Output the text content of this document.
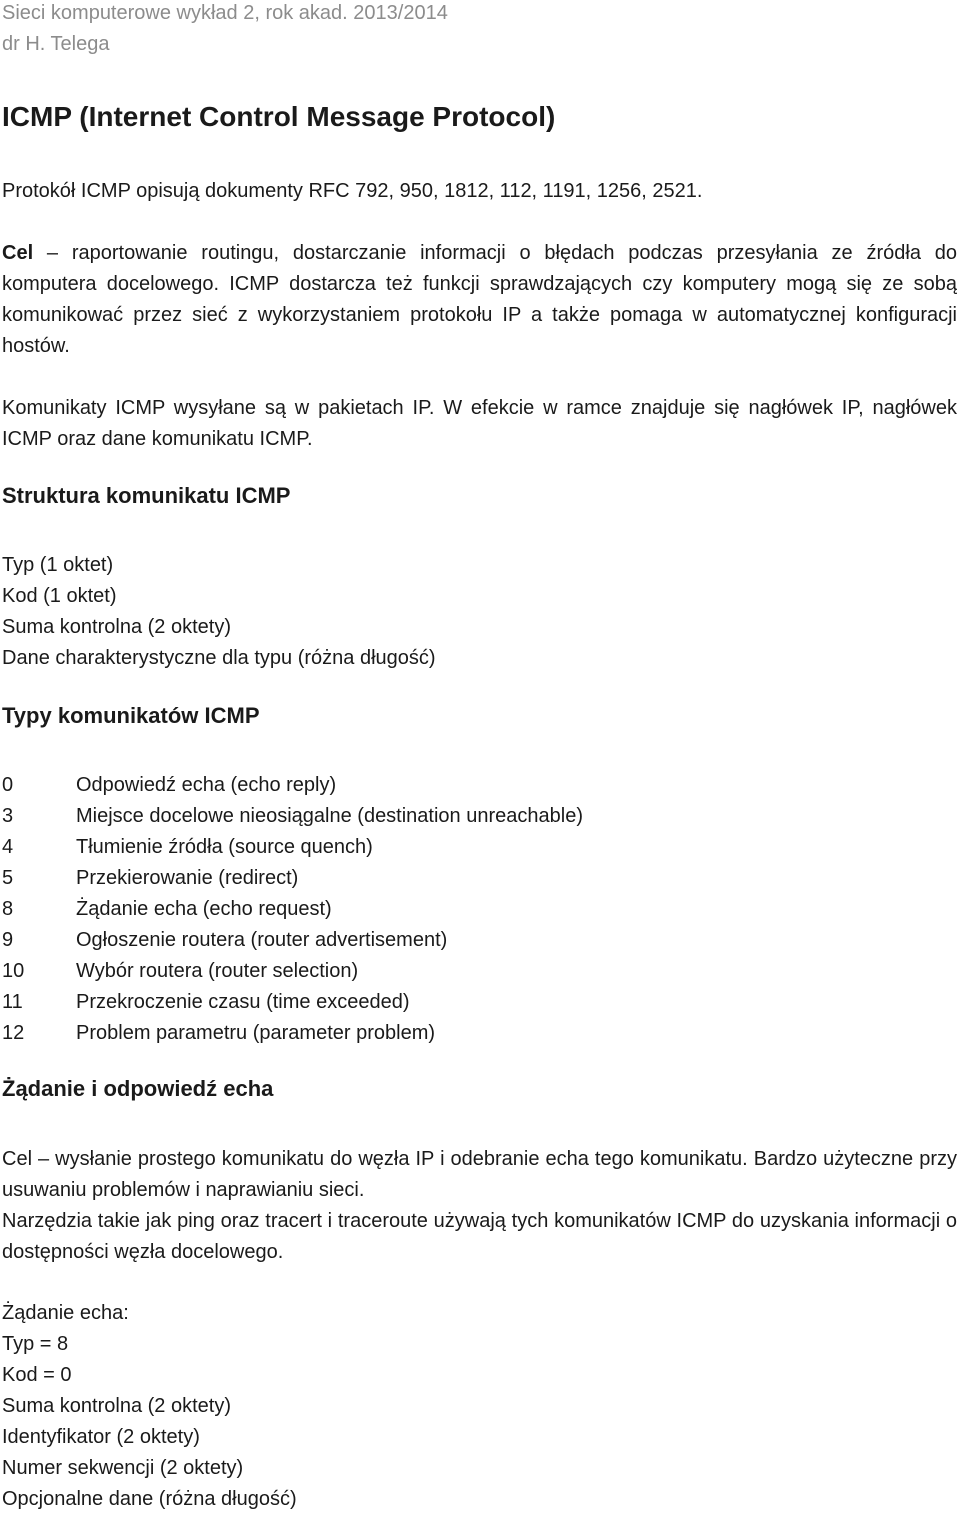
Sieci komputerowe wykład 2, rok akad. 2013/2014
dr H. Telega
ICMP (Internet Control Message Protocol)
Protokół ICMP opisują dokumenty RFC 792, 950, 1812, 112, 1191, 1256, 2521.
Cel – raportowanie routingu, dostarczanie informacji o błędach podczas przesyłania ze źródła do komputera docelowego. ICMP dostarcza też funkcji sprawdzających czy komputery mogą się ze sobą komunikować przez sieć z wykorzystaniem protokołu IP a także pomaga w automatycznej konfiguracji hostów.
Komunikaty ICMP wysyłane są w pakietach IP. W efekcie w ramce znajduje się nagłówek IP, nagłówek ICMP oraz dane komunikatu ICMP.
Struktura komunikatu ICMP
Typ (1 oktet)
Kod (1 oktet)
Suma kontrolna (2 oktety)
Dane charakterystyczne dla typu (różna długość)
Typy komunikatów ICMP
0	Odpowiedź echa (echo reply)
3	Miejsce docelowe nieosiągalne (destination unreachable)
4	Tłumienie źródła (source quench)
5	Przekierowanie (redirect)
8	Żądanie echa (echo request)
9	Ogłoszenie routera (router advertisement)
10	Wybór routera (router selection)
11	Przekroczenie czasu (time exceeded)
12	Problem parametru (parameter problem)
Żądanie i odpowiedź echa
Cel – wysłanie prostego komunikatu do węzła IP i odebranie echa tego komunikatu. Bardzo użyteczne przy usuwaniu problemów i naprawianiu sieci.
Narzędzia takie jak ping oraz tracert i traceroute używają tych komunikatów ICMP do uzyskania informacji o dostępności węzła docelowego.
Żądanie echa:
Typ = 8
Kod = 0
Suma kontrolna (2 oktety)
Identyfikator (2 oktety)
Numer sekwencji (2 oktety)
Opcjonalne dane (różna długość)
